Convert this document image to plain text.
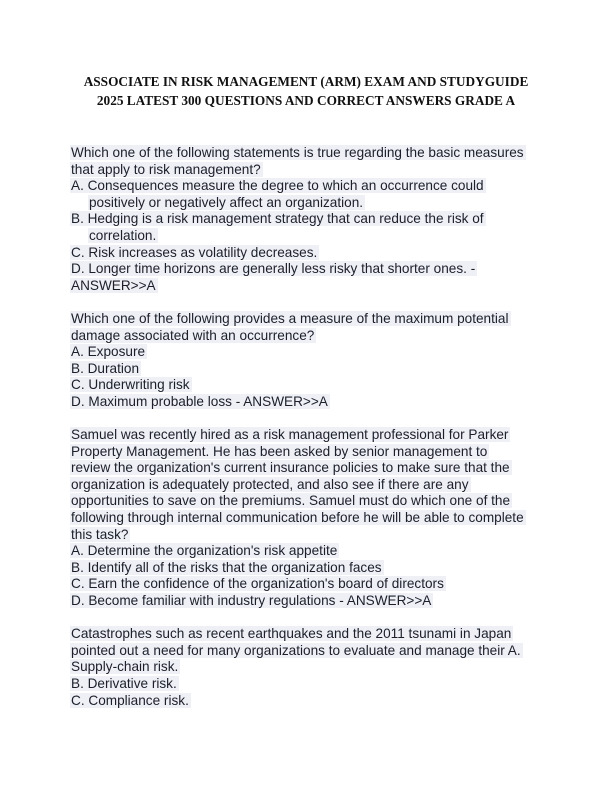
ASSOCIATE IN RISK MANAGEMENT (ARM) EXAM AND STUDYGUIDE
2025 LATEST 300 QUESTIONS AND CORRECT ANSWERS GRADE A
Which one of the following statements is true regarding the basic measures
that apply to risk management?
A. Consequences measure the degree to which an occurrence could
positively or negatively affect an organization.
B. Hedging is a risk management strategy that can reduce the risk of
correlation.
C. Risk increases as volatility decreases.
D. Longer time horizons are generally less risky that shorter ones. -
ANSWER>>A
Which one of the following provides a measure of the maximum potential
damage associated with an occurrence?
A. Exposure
B. Duration
C. Underwriting risk
D. Maximum probable loss - ANSWER>>A
Samuel was recently hired as a risk management professional for Parker
Property Management. He has been asked by senior management to
review the organization's current insurance policies to make sure that the
organization is adequately protected, and also see if there are any
opportunities to save on the premiums. Samuel must do which one of the
following through internal communication before he will be able to complete
this task?
A. Determine the organization's risk appetite
B. Identify all of the risks that the organization faces
C. Earn the confidence of the organization's board of directors
D. Become familiar with industry regulations - ANSWER>>A
Catastrophes such as recent earthquakes and the 2011 tsunami in Japan
pointed out a need for many organizations to evaluate and manage their A.
Supply-chain risk.
B. Derivative risk.
C. Compliance risk.
